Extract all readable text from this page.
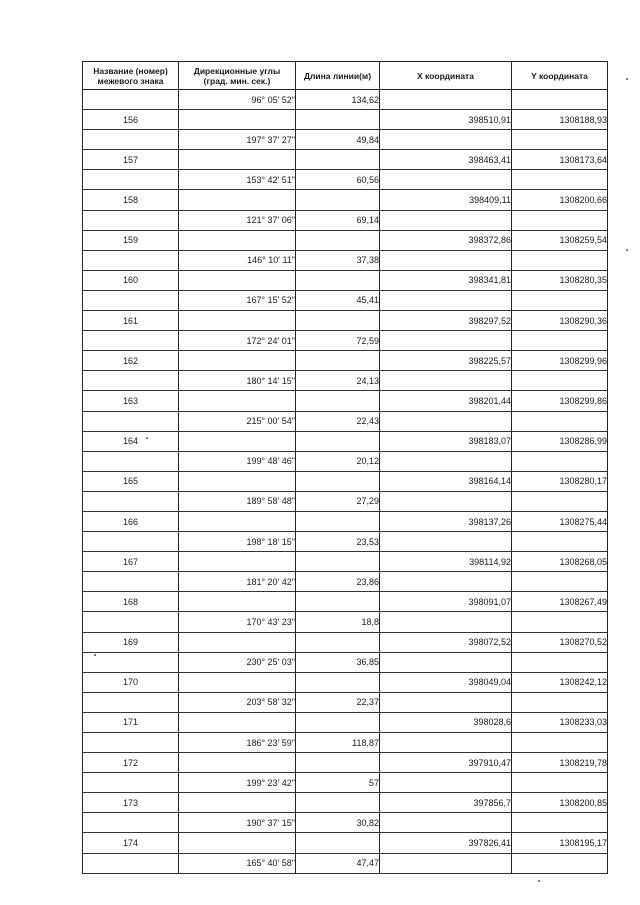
Название (номер) межевого знака	Дирекционные углы (град. мин. сек.)	Длина линии(м)	X координата	Y координата
	96° 05' 52"	134,62		
156			398510,91	1308188,93
	197° 37' 27"	49,84		
157			398463,41	1308173,64
	153° 42' 51"	60,56		
158			398409,11	1308200,66
	121° 37' 06"	69,14		
159			398372,86	1308259,54
	146° 10' 11"	37,38		
160			398341,81	1308280,35
	167° 15' 52"	45,41		
161			398297,52	1308290,36
	172° 24' 01"	72,59		
162			398225,57	1308299,96
	180° 14' 15"	24,13		
163			398201,44	1308299,86
	215° 00' 54"	22,43		
164			398183,07	1308286,99
	199° 48' 46"	20,12		
165			398164,14	1308280,17
	189° 58' 48"	27,29		
166			398137,26	1308275,44
	198° 18' 15"	23,53		
167			398114,92	1308268,05
	181° 20' 42"	23,86		
168			398091,07	1308267,49
	170° 43' 23"	18,8		
169			398072,52	1308270,52
	230° 25' 03"	36,85		
170			398049,04	1308242,12
	203° 58' 32"	22,37		
171			398028,6	1308233,03
	186° 23' 59"	118,87		
172			397910,47	1308219,78
	199° 23' 42"	57		
173			397856,7	1308200,85
	190° 37' 15"	30,82		
174			397826,41	1308195,17
	165° 40' 58"	47,47		
